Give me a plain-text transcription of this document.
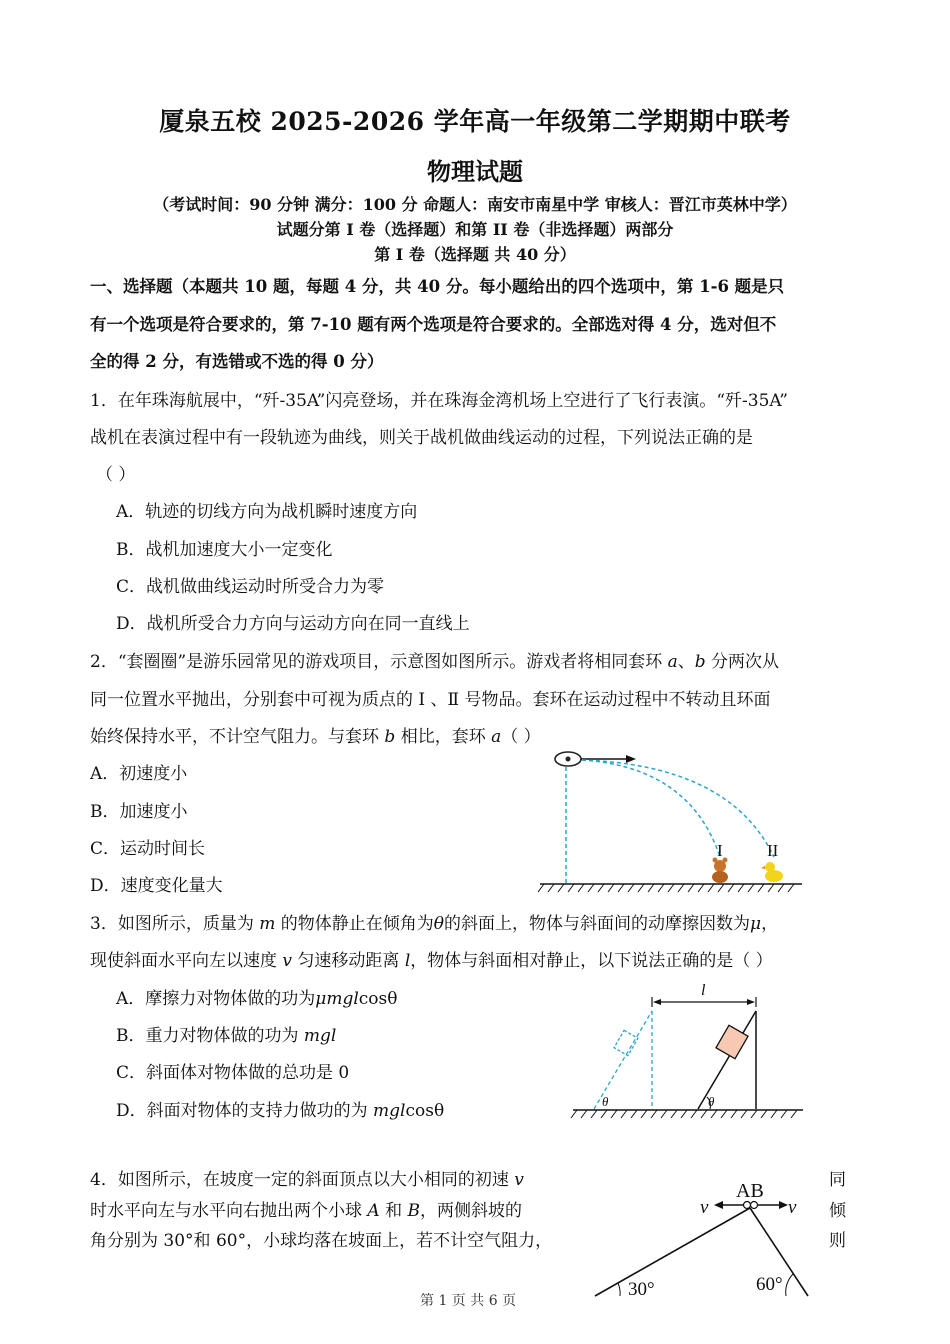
厦泉五校 2025-2026 学年高一年级第二学期期中联考
物理试题
（考试时间：90 分钟 满分：100 分 命题人：南安市南星中学 审核人：晋江市英林中学）
试题分第 I 卷（选择题）和第 II 卷（非选择题）两部分
第 I 卷（选择题 共 40 分）
一、选择题（本题共 10 题，每题 4 分，共 40 分。每小题给出的四个选项中，第 1-6 题是只
有一个选项是符合要求的，第 7-10 题有两个选项是符合要求的。全部选对得 4 分，选对但不
全的得 2 分，有选错或不选的得 0 分）
1．在年珠海航展中，“歼-35A”闪亮登场，并在珠海金湾机场上空进行了飞行表演。“歼-35A”
战机在表演过程中有一段轨迹为曲线，则关于战机做曲线运动的过程，下列说法正确的是
（ ）
A．轨迹的切线方向为战机瞬时速度方向
B．战机加速度大小一定变化
C．战机做曲线运动时所受合力为零
D．战机所受合力方向与运动方向在同一直线上
2．“套圈圈”是游乐园常见的游戏项目，示意图如图所示。游戏者将相同套环 a、b 分两次从
同一位置水平抛出，分别套中可视为质点的 Ⅰ 、Ⅱ 号物品。套环在运动过程中不转动且环面
始终保持水平，不计空气阻力。与套环 b 相比，套环 a（ ）
A．初速度小
B．加速度小
C．运动时间长
D．速度变化量大
I	II
3．如图所示，质量为 m 的物体静止在倾角为θ的斜面上，物体与斜面间的动摩擦因数为μ，
现使斜面水平向左以速度 v 匀速移动距离 l，物体与斜面相对静止，以下说法正确的是（ ）
A．摩擦力对物体做的功为μmglcosθ
B．重力对物体做的功为 mgl
C．斜面体对物体做的总功是 0
D．斜面对物体的支持力做功的为 mglcosθ
l
θ	θ
4．如图所示，在坡度一定的斜面顶点以大小相同的初速 v	同
时水平向左与水平向右抛出两个小球 A 和 B，两侧斜坡的	倾
角分别为 30°和 60°，小球均落在坡面上，若不计空气阻力，	则
AB
v	v
30°	60°
第 1 页 共 6 页
